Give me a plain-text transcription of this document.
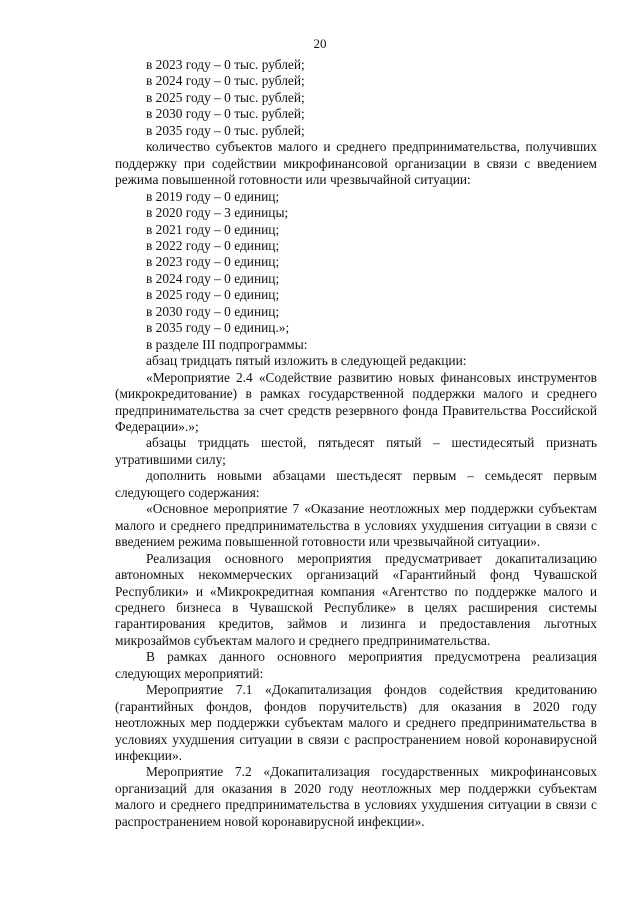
20

в 2023 году – 0 тыс. рублей;

в 2024 году – 0 тыс. рублей;

в 2025 году – 0 тыс. рублей;

в 2030 году – 0 тыс. рублей;

в 2035 году – 0 тыс. рублей;

количество субъектов малого и среднего предпринимательства, получивших поддержку при содействии микрофинансовой организации в связи с введением режима повышенной готовности или чрезвычайной ситуации:

в 2019 году – 0 единиц;

в 2020 году – 3 единицы;

в 2021 году – 0 единиц;

в 2022 году – 0 единиц;

в 2023 году – 0 единиц;

в 2024 году – 0 единиц;

в 2025 году – 0 единиц;

в 2030 году – 0 единиц;

в 2035 году – 0 единиц.»;

в разделе III подпрограммы:

абзац тридцать пятый изложить в следующей редакции:

«Мероприятие 2.4 «Содействие развитию новых финансовых инструментов (микрокредитование) в рамках государственной поддержки малого и среднего предпринимательства за счет средств резервного фонда Правительства Российской Федерации».»;

абзацы тридцать шестой, пятьдесят пятый – шестидесятый признать утратившими силу;

дополнить новыми абзацами шестьдесят первым – семьдесят первым следующего содержания:

«Основное мероприятие 7 «Оказание неотложных мер поддержки субъектам малого и среднего предпринимательства в условиях ухудшения ситуации в связи с введением режима повышенной готовности или чрезвычайной ситуации».

Реализация основного мероприятия предусматривает докапитализацию автономных некоммерческих организаций «Гарантийный фонд Чувашской Республики» и «Микрокредитная компания «Агентство по поддержке малого и среднего бизнеса в Чувашской Республике» в целях расширения системы гарантирования кредитов, займов и лизинга и предоставления льготных микрозаймов субъектам малого и среднего предпринимательства.

В рамках данного основного мероприятия предусмотрена реализация следующих мероприятий:

Мероприятие 7.1 «Докапитализация фондов содействия кредитованию (гарантийных фондов, фондов поручительств) для оказания в 2020 году неотложных мер поддержки субъектам малого и среднего предпринимательства в условиях ухудшения ситуации в связи с распространением новой коронавирусной инфекции».

Мероприятие 7.2 «Докапитализация государственных микрофинансовых организаций для оказания в 2020 году неотложных мер поддержки субъектам малого и среднего предпринимательства в условиях ухудшения ситуации в связи с распространением новой коронавирусной инфекции».
